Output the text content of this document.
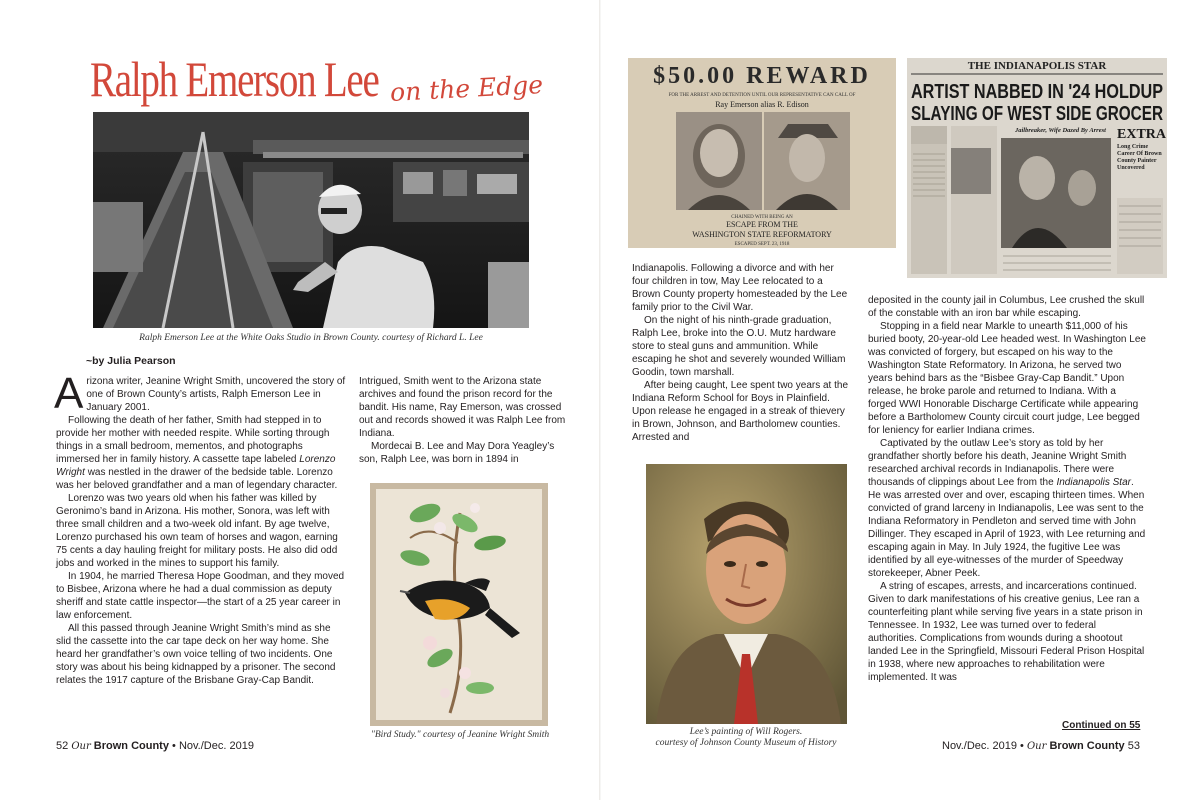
Ralph Emerson Lee on the Edge
Ralph Emerson Lee at the White Oaks Studio in Brown County. courtesy of Richard L. Lee
~by Julia Pearson

Arizona writer, Jeanine Wright Smith, uncovered the story of one of Brown County’s artists, Ralph Emerson Lee in January 2001.

Following the death of her father, Smith had stepped in to provide her mother with needed respite. While sorting through things in a small bedroom, mementos, and photographs immersed her in family history. A cassette tape labeled Lorenzo Wright was nestled in the drawer of the bedside table. Lorenzo was her beloved grandfather and a man of legendary character.

Lorenzo was two years old when his father was killed by Geronimo’s band in Arizona. His mother, Sonora, was left with three small children and a two-week old infant. By age twelve, Lorenzo purchased his own team of horses and wagon, earning 75 cents a day hauling freight for military posts. He also did odd jobs and worked in the mines to support his family.

In 1904, he married Theresa Hope Goodman, and they moved to Bisbee, Arizona where he had a dual commission as deputy sheriff and state cattle inspector—the start of a 25 year career in law enforcement.

All this passed through Jeanine Wright Smith’s mind as she slid the cassette into the car tape deck on her way home. She heard her grandfather’s own voice telling of two incidents. One story was about his being kidnapped by a prisoner. The second relates the 1917 capture of the Brisbane Gray-Cap Bandit.

Intrigued, Smith went to the Arizona state archives and found the prison record for the bandit. His name, Ray Emerson, was crossed out and records showed it was Ralph Lee from Indiana.

Mordecai B. Lee and May Dora Yeagley’s son, Ralph Lee, was born in 1894 in

"Bird Study." courtesy of Jeanine Wright Smith
$50.00 REWARD
FOR THE ARREST AND DETENTION UNTIL OUR REPRESENTATIVE CAN CALL OF
Ray Emerson alias R. Edison
CHAINED WITH BEING AN
ESCAPE FROM THE
WASHINGTON STATE REFORMATORY
ESCAPED SEPT. 23, 1918
THE INDIANAPOLIS STAR
ARTIST NABBED IN '24 HOLDUP
SLAYING OF WEST SIDE GROCER
Jailbreaker, Wife Dazed By Arrest EXTRA
Long Crime Career Of Brown County Painter Uncovered

Indianapolis. Following a divorce and with her four children in tow, May Lee relocated to a Brown County property homesteaded by the Lee family prior to the Civil War.

On the night of his ninth-grade graduation, Ralph Lee, broke into the O.U. Mutz hardware store to steal guns and ammunition. While escaping he shot and severely wounded William Goodin, town marshall.

After being caught, Lee spent two years at the Indiana Reform School for Boys in Plainfield. Upon release he engaged in a streak of thievery in Brown, Johnson, and Bartholomew counties. Arrested and

Lee’s painting of Will Rogers.
courtesy of Johnson County Museum of History

deposited in the county jail in Columbus, Lee crushed the skull of the constable with an iron bar while escaping.

Stopping in a field near Markle to unearth $11,000 of his buried booty, 20-year-old Lee headed west. In Washington Lee was convicted of forgery, but escaped on his way to the Washington State Reformatory. In Arizona, he served two years behind bars as the “Bisbee Gray-Cap Bandit.” Upon release, he broke parole and returned to Indiana. With a forged WWI Honorable Discharge Certificate while appearing before a Bartholomew County circuit court judge, Lee begged for leniency for earlier Indiana crimes.

Captivated by the outlaw Lee’s story as told by her grandfather shortly before his death, Jeanine Wright Smith researched archival records in Indianapolis. There were thousands of clippings about Lee from the Indianapolis Star. He was arrested over and over, escaping thirteen times. When convicted of grand larceny in Indianapolis, Lee was sent to the Indiana Reformatory in Pendleton and served time with John Dillinger. They escaped in April of 1923, with Lee returning and escaping again in May. In July 1924, the fugitive Lee was identified by all eye-witnesses of the murder of Speedway storekeeper, Abner Peek.

A string of escapes, arrests, and incarcerations continued. Given to dark manifestations of his creative genius, Lee ran a counterfeiting plant while serving five years in a state prison in Tennessee. In 1932, Lee was turned over to federal authorities. Complications from wounds during a shootout landed Lee in the Springfield, Missouri Federal Prison Hospital in 1938, where new approaches to rehabilitation were implemented. It was

Continued on 55
52 Our Brown County • Nov./Dec. 2019	Nov./Dec. 2019 • Our Brown County 53
